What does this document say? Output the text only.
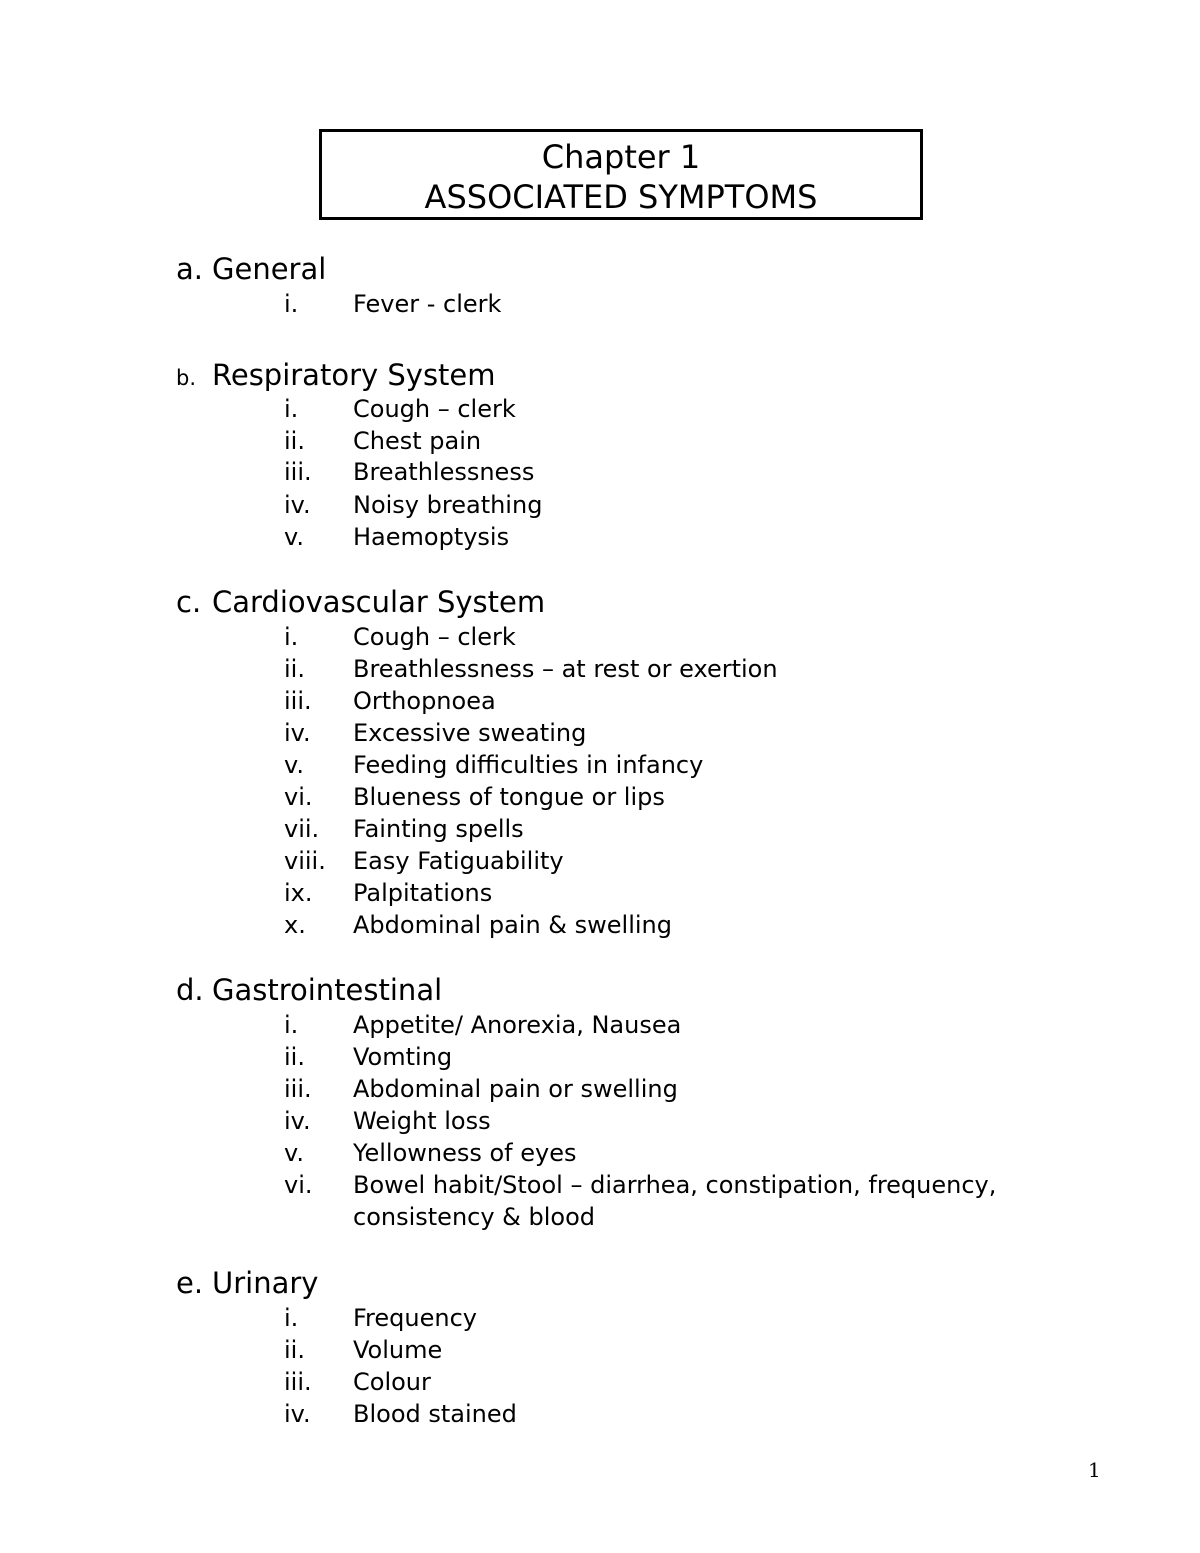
Chapter 1
ASSOCIATED SYMPTOMS
a. General
i. Fever - clerk
b. Respiratory System
i. Cough – clerk
ii. Chest pain
iii. Breathlessness
iv. Noisy breathing
v. Haemoptysis
c. Cardiovascular System
i. Cough – clerk
ii. Breathlessness – at rest or exertion
iii. Orthopnoea
iv. Excessive sweating
v. Feeding difficulties in infancy
vi. Blueness of tongue or lips
vii. Fainting spells
viii. Easy Fatiguability
ix. Palpitations
x. Abdominal pain & swelling
d. Gastrointestinal
i. Appetite/ Anorexia, Nausea
ii. Vomting
iii. Abdominal pain or swelling
iv. Weight loss
v. Yellowness of eyes
vi. Bowel habit/Stool – diarrhea, constipation, frequency,
consistency & blood
e. Urinary
i. Frequency
ii. Volume
iii. Colour
iv. Blood stained
1
